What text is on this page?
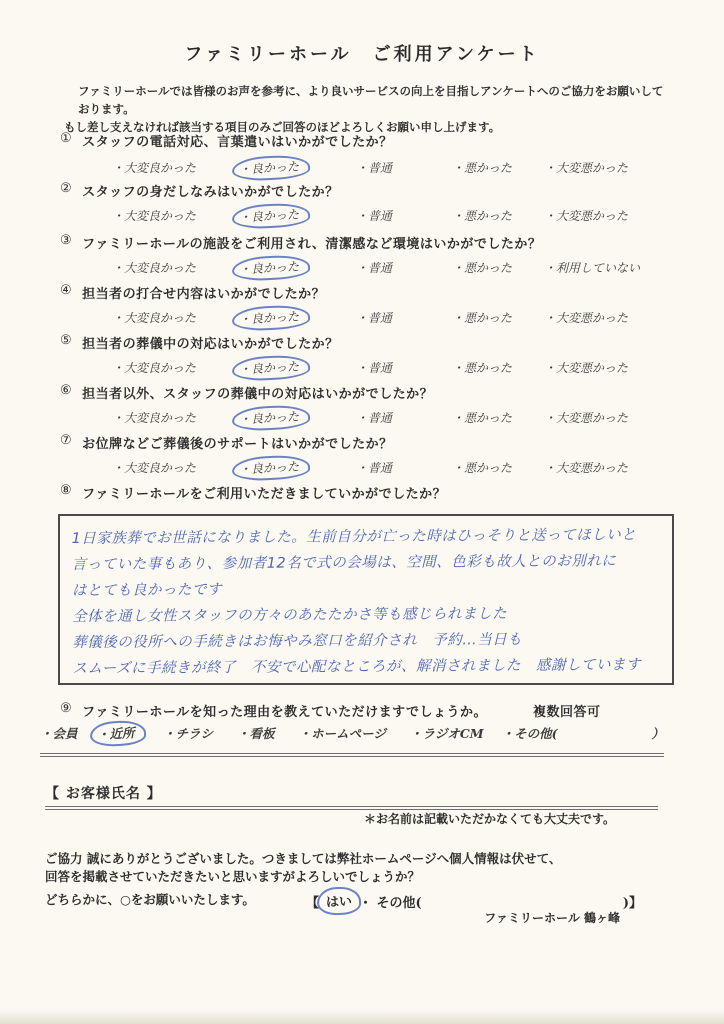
ファミリーホール　ご利用アンケート
ファミリーホールでは皆様のお声を参考に、より良いサービスの向上を目指しアンケートへのご協力をお願いしております。
もし差し支えなければ該当する項目のみご回答のほどよろしくお願い申し上げます。
① スタッフの電話対応、言葉遣いはいかがでしたか？
・大変良かった	・良かった	・普通	・悪かった	・大変悪かった
② スタッフの身だしなみはいかがでしたか？
・大変良かった	・良かった	・普通	・悪かった	・大変悪かった
③ ファミリーホールの施設をご利用され、清潔感など環境はいかがでしたか？
・大変良かった	・良かった	・普通	・悪かった	・利用していない
④ 担当者の打合せ内容はいかがでしたか？
・大変良かった	・良かった	・普通	・悪かった	・大変悪かった
⑤ 担当者の葬儀中の対応はいかがでしたか？
・大変良かった	・良かった	・普通	・悪かった	・大変悪かった
⑥ 担当者以外、スタッフの葬儀中の対応はいかがでしたか？
・大変良かった	・良かった	・普通	・悪かった	・大変悪かった
⑦ お位牌などご葬儀後のサポートはいかがでしたか？
・大変良かった	・良かった	・普通	・悪かった	・大変悪かった
⑧ ファミリーホールをご利用いただきましていかがでしたか？
1日家族葬でお世話になりました。生前自分が亡った時はひっそりと送ってほしいと
言っていた事もあり、参加者12名で式の会場は、空間、色彩も故人とのお別れに
はとても良かったです
全体を通し女性スタッフの方々のあたたかさ等も感じられました
葬儀後の役所への手続きはお悔やみ窓口を紹介され　予約…当日も
スムーズに手続きが終了　不安で心配なところが、解消されました　感謝しています
⑨ ファミリーホールを知った理由を教えていただけますでしょうか。	複数回答可
・会員	・近所	・チラシ ・看板 ・ホームページ ・ラジオCM ・その他(	）
【 お客様氏名 】
＊お名前は記載いただかなくても大丈夫です。
ご協力 誠にありがとうございました。つきましては弊社ホームページへ個人情報は伏せて、
回答を掲載させていただきたいと思いますがよろしいでしょうか？
どちらかに、○をお願いいたします。	【 はい ・ その他(	)】
ファミリーホール 鶴ヶ峰
